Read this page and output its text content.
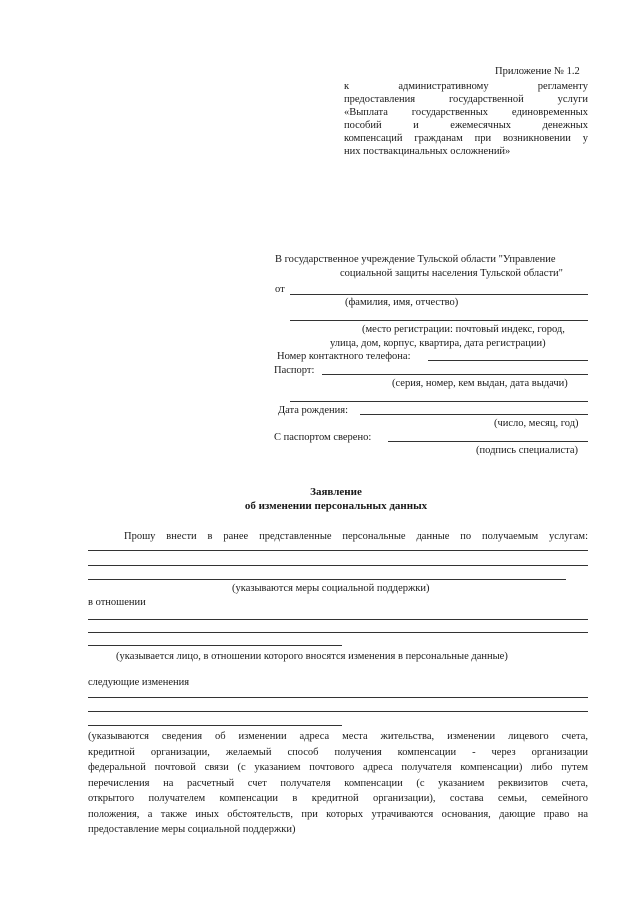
Приложение № 1.2
к административному регламенту
предоставления государственной услуги
«Выплата государственных единовременных
пособий и ежемесячных денежных
компенсаций гражданам при возникновении у
них поствакцинальных осложнений»
В государственное учреждение Тульской области "Управление
социальной защиты населения Тульской области"
от
(фамилия, имя, отчество)
(место регистрации: почтовый индекс, город,
улица, дом, корпус, квартира, дата регистрации)
Номер контактного телефона:
Паспорт:
(серия, номер, кем выдан, дата выдачи)
Дата рождения:
(число, месяц, год)
С паспортом сверено:
(подпись специалиста)
Заявление
об изменении персональных данных
Прошу внести в ранее представленные персональные данные по получаемым услугам:
(указываются меры социальной поддержки)
в отношении
(указывается лицо, в отношении которого вносятся изменения в персональные данные)
следующие изменения
(указываются сведения об изменении адреса места жительства, изменении лицевого счета,
кредитной организации, желаемый способ получения компенсации - через организации
федеральной почтовой связи (с указанием почтового адреса получателя компенсации) либо путем
перечисления на расчетный счет получателя компенсации (с указанием реквизитов счета,
открытого получателем компенсации в кредитной организации), состава семьи, семейного
положения, а также иных обстоятельств, при которых утрачиваются основания, дающие право на
предоставление меры социальной поддержки)
